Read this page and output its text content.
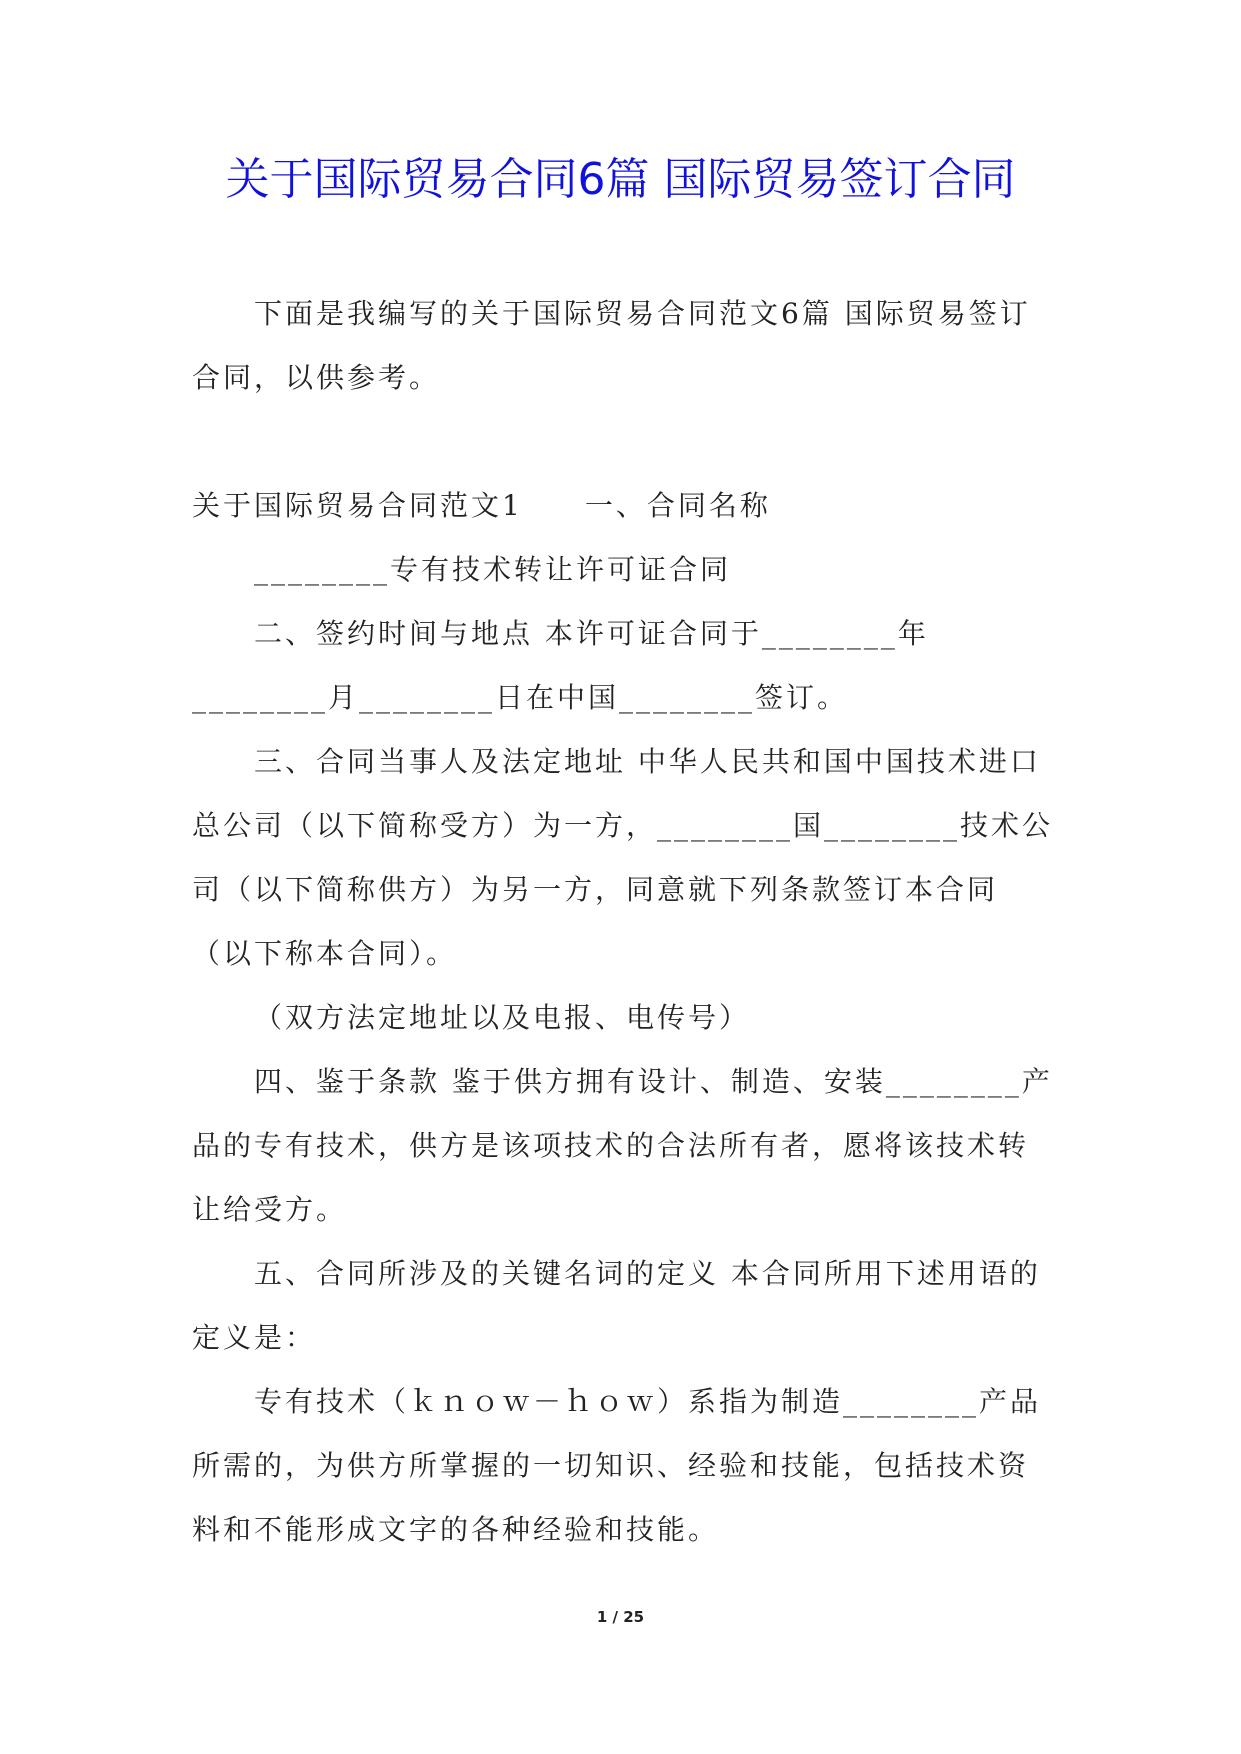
关于国际贸易合同6篇 国际贸易签订合同

下面是我编写的关于国际贸易合同范文6篇 国际贸易签订合同，以供参考。

关于国际贸易合同范文1　　一、合同名称

________专有技术转让许可证合同

二、签约时间与地点 本许可证合同于________年________月________日在中国________签订。

三、合同当事人及法定地址 中华人民共和国中国技术进口总公司（以下简称受方）为一方，________国________技术公司（以下简称供方）为另一方，同意就下列条款签订本合同（以下称本合同）。

（双方法定地址以及电报、电传号）

四、鉴于条款 鉴于供方拥有设计、制造、安装________产品的专有技术，供方是该项技术的合法所有者，愿将该技术转让给受方。

五、合同所涉及的关键名词的定义 本合同所用下述用语的定义是：

专有技术（ｋｎｏｗ－ｈｏｗ）系指为制造________产品所需的，为供方所掌握的一切知识、经验和技能，包括技术资料和不能形成文字的各种经验和技能。

1 / 25
